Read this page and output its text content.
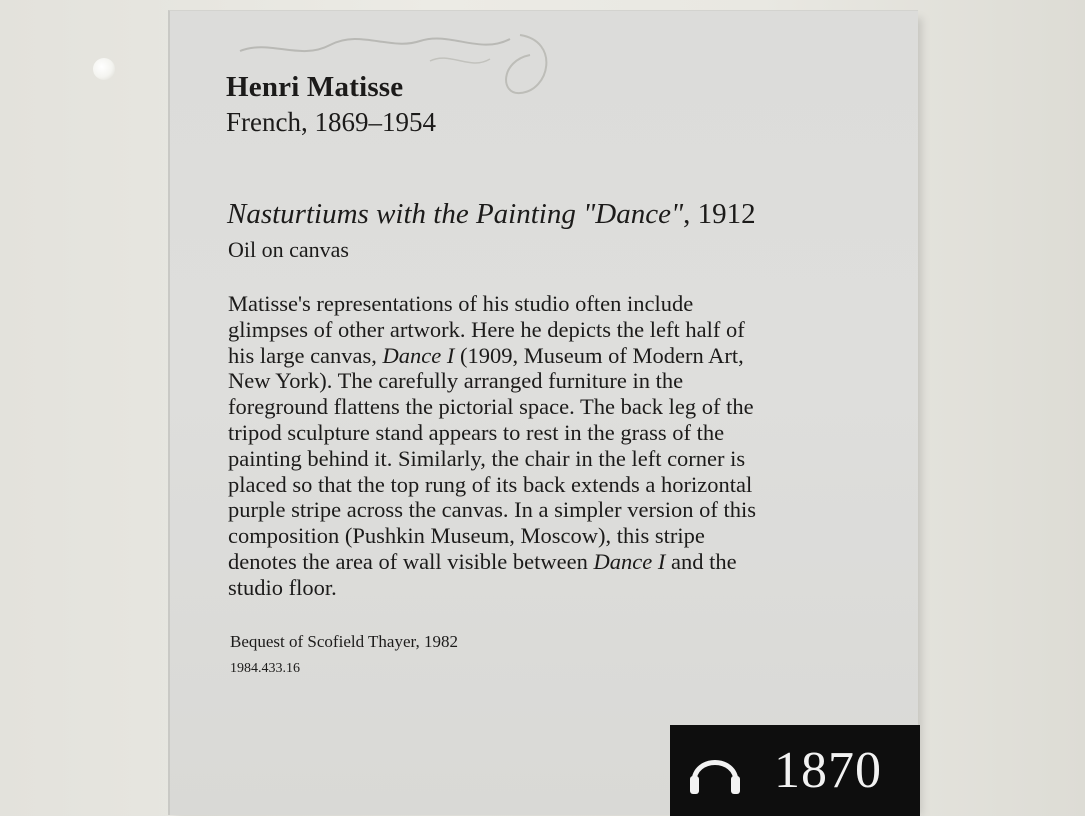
Henri Matisse
French, 1869–1954
Nasturtiums with the Painting "Dance", 1912
Oil on canvas
Matisse's representations of his studio often include
glimpses of other artwork. Here he depicts the left half of
his large canvas, Dance I (1909, Museum of Modern Art,
New York). The carefully arranged furniture in the
foreground flattens the pictorial space. The back leg of the
tripod sculpture stand appears to rest in the grass of the
painting behind it. Similarly, the chair in the left corner is
placed so that the top rung of its back extends a horizontal
purple stripe across the canvas. In a simpler version of this
composition (Pushkin Museum, Moscow), this stripe
denotes the area of wall visible between Dance I and the
studio floor.
Bequest of Scofield Thayer, 1982
1984.433.16
1870
